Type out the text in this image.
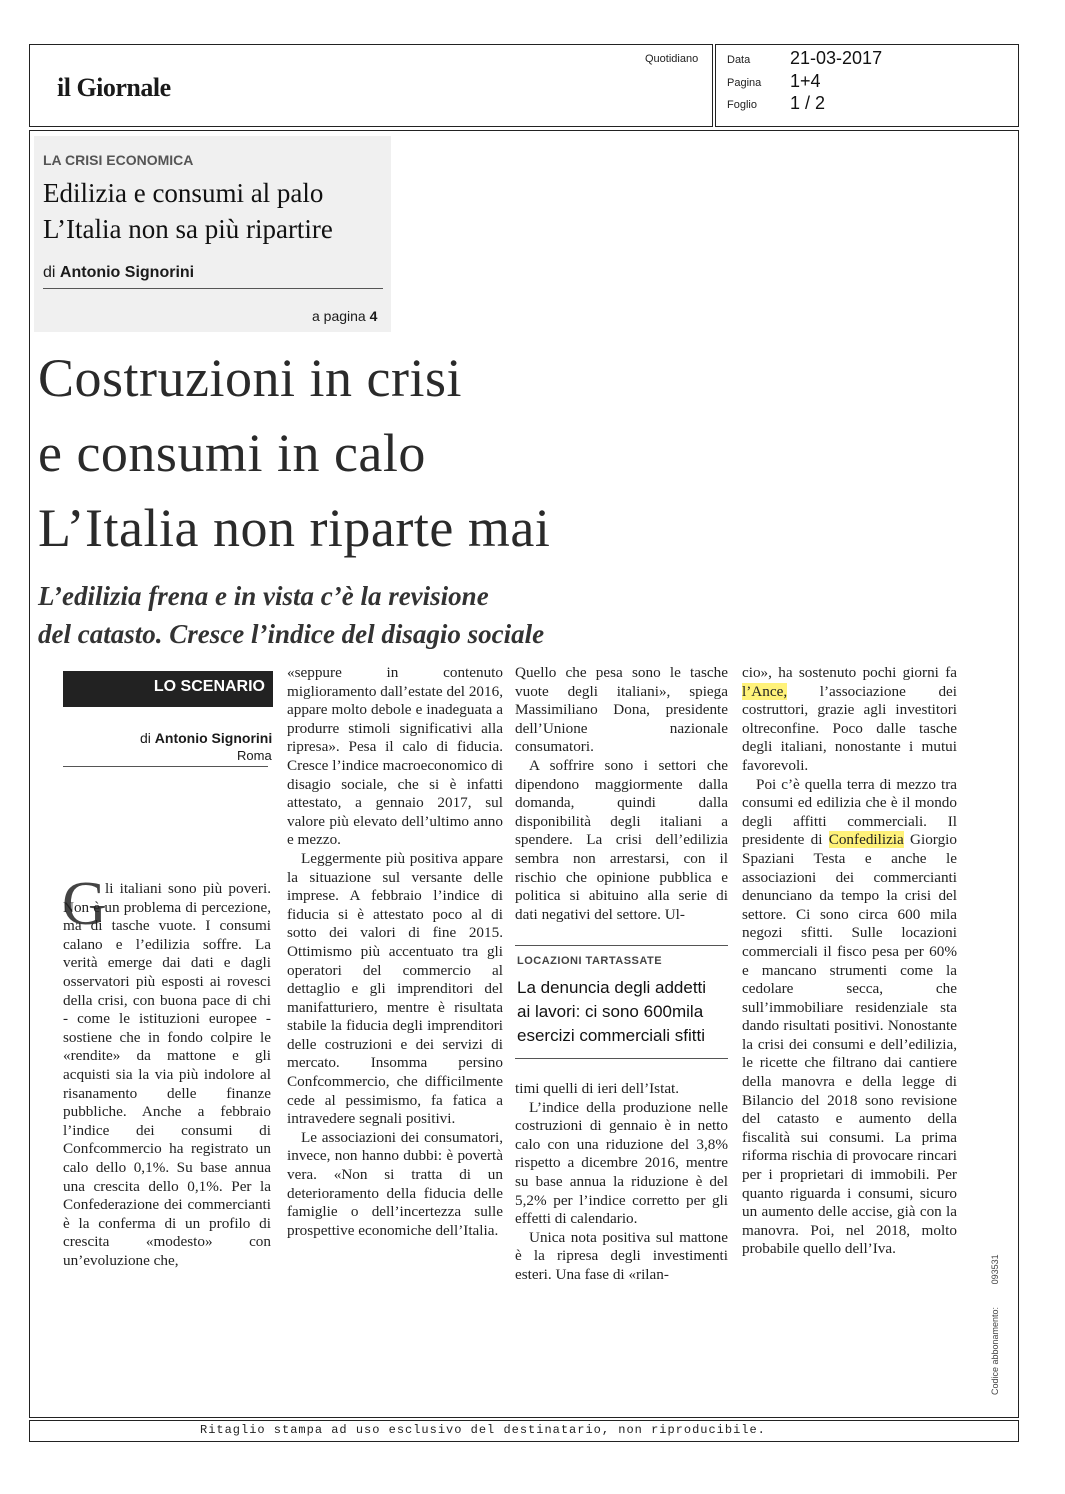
il Giornale
Quotidiano	Data 21-03-2017
Pagina 1+4
Foglio 1 / 2
LA CRISI ECONOMICA
Edilizia e consumi al palo
L’Italia non sa più ripartire
di Antonio Signorini
a pagina 4
Costruzioni in crisi
e consumi in calo
L’Italia non riparte mai
L’edilizia frena e in vista c’è la revisione
del catasto. Cresce l’indice del disagio sociale
LO SCENARIO
di Antonio Signorini
Roma
G

li italiani sono più poveri. Non è un problema di percezione, ma di tasche vuote. I consumi calano e l’edilizia soffre. La verità emerge dai dati e dagli osservatori più esposti ai rovesci della crisi, con buona pace di chi - come le istituzioni europee - sostiene che in fondo colpire le «rendite» da mattone e gli acquisti sia la via più indolore al risanamento delle finanze pubbliche. Anche a febbraio l’indice dei consumi di Confcommercio ha registrato un calo dello 0,1%. Su base annua una crescita dello 0,1%. Per la Confederazione dei commercianti è la conferma di un profilo di crescita «modesto» con un’evoluzione che,

«seppure in contenuto miglioramento dall’estate del 2016, appare molto debole e inadeguata a produrre stimoli significativi alla ripresa». Pesa il calo di fiducia. Cresce l’indice macroeconomico di disagio sociale, che si è infatti attestato, a gennaio 2017, sul valore più elevato dell’ultimo anno e mezzo.

Leggermente più positiva appare la situazione sul versante delle imprese. A febbraio l’indice di fiducia si è attestato poco al di sotto dei valori di fine 2015. Ottimismo più accentuato tra gli operatori del commercio al dettaglio e gli imprenditori del manifatturiero, mentre è risultata stabile la fiducia degli imprenditori delle costruzioni e dei servizi di mercato. Insomma persino Confcommercio, che difficilmente cede al pessimismo, fa fatica a intravedere segnali positivi.

Le associazioni dei consumatori, invece, non hanno dubbi: è povertà vera. «Non si tratta di un deterioramento della fiducia delle famiglie o dell’incertezza sulle prospettive economiche dell’Italia.

Quello che pesa sono le tasche vuote degli italiani», spiega Massimiliano Dona, presidente dell’Unione nazionale consumatori.

A soffrire sono i settori che dipendono maggiormente dalla domanda, quindi dalla disponibilità degli italiani a spendere. La crisi dell’edilizia sembra non arrestarsi, con il rischio che opinione pubblica e politica si abituino alla serie di dati negativi del settore. Ul-

LOCAZIONI TARTASSATE
La denuncia degli addetti
ai lavori: ci sono 600mila
esercizi commerciali sfitti

timi quelli di ieri dell’Istat.

L’indice della produzione nelle costruzioni di gennaio è in netto calo con una riduzione del 3,8% rispetto a dicembre 2016, mentre su base annua la riduzione è del 5,2% per l’indice corretto per gli effetti di calendario.

Unica nota positiva sul mattone è la ripresa degli investimenti esteri. Una fase di «rilan-

cio», ha sostenuto pochi giorni fa l’Ance, l’associazione dei costruttori, grazie agli investitori oltreconfine. Poco dalle tasche degli italiani, nonostante i mutui favorevoli.

Poi c’è quella terra di mezzo tra consumi ed edilizia che è il mondo degli affitti commerciali. Il presidente di Confedilizia Giorgio Spaziani Testa e anche le associazioni dei commercianti denunciano da tempo la crisi del settore. Ci sono circa 600 mila negozi sfitti. Sulle locazioni commerciali il fisco pesa per 60% e mancano strumenti come la cedolare secca, che sull’immobiliare residenziale sta dando risultati positivi. Nonostante la crisi dei consumi e dell’edilizia, le ricette che filtrano dai cantiere della manovra e della legge di Bilancio del 2018 sono revisione del catasto e aumento della fiscalità sui consumi. La prima riforma rischia di provocare rincari per i proprietari di immobili. Per quanto riguarda i consumi, sicuro un aumento delle accise, già con la manovra. Poi, nel 2018, molto probabile quello dell’Iva.

Ritaglio stampa ad uso esclusivo del destinatario, non riproducibile.
Codice abbonamento: 093531
